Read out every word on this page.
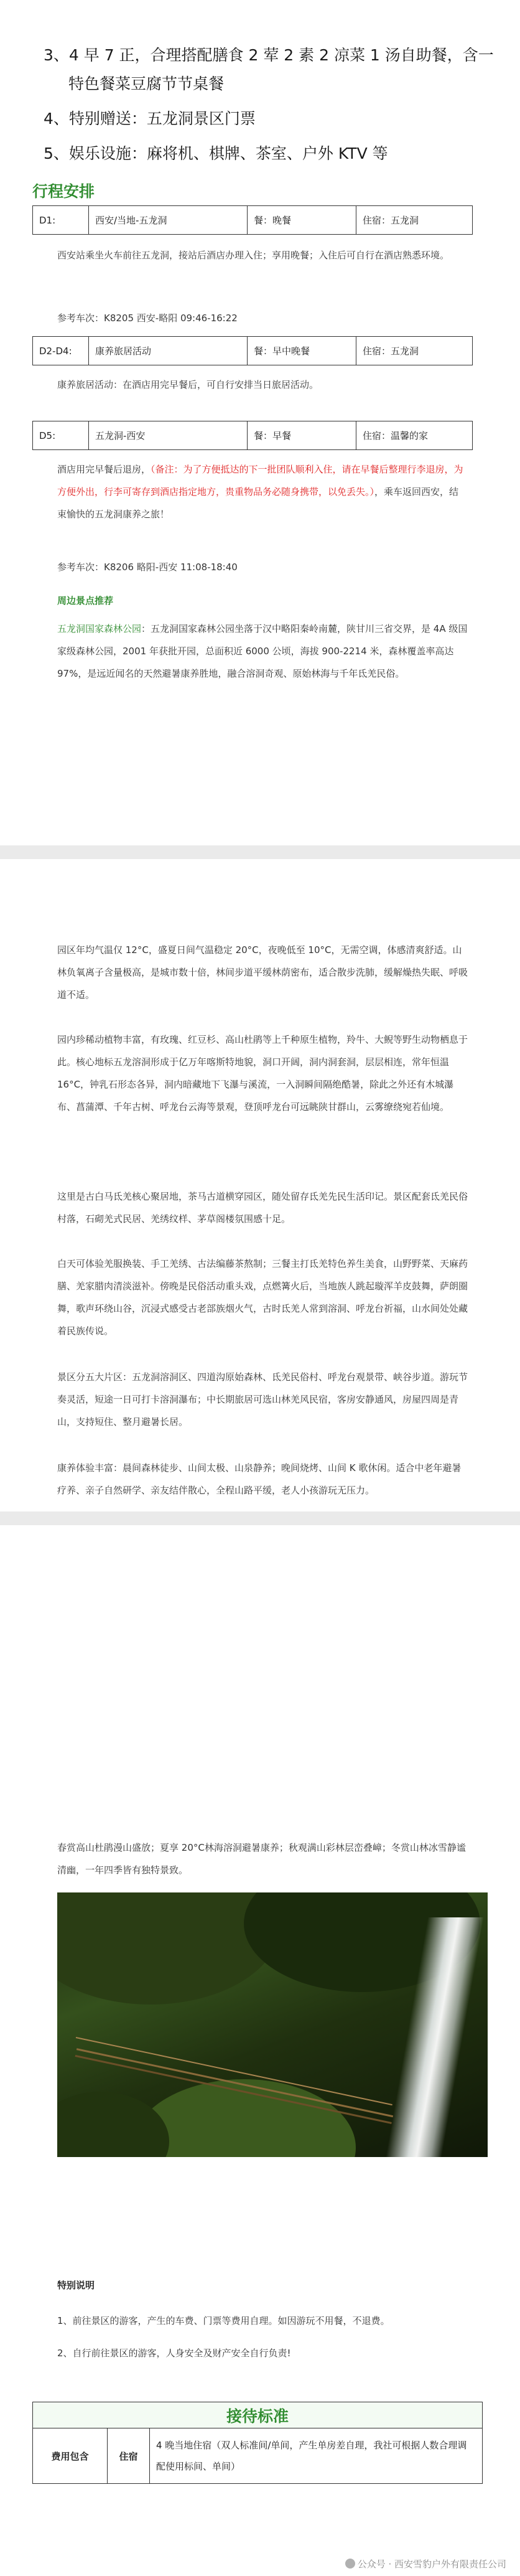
3、4 早 7 正，合理搭配膳食 2 荤 2 素 2 凉菜 1 汤自助餐，含一
特色餐菜豆腐节节桌餐
4、特别赠送：五龙洞景区门票
5、娱乐设施：麻将机、棋牌、茶室、户外 KTV 等
行程安排
D1:	西安/当地-五龙洞	餐：晚餐	住宿：五龙洞
西安站乘坐火车前往五龙洞，接站后酒店办理入住；享用晚餐；入住后可自行在酒店熟悉环境。
参考车次：K8205 西安-略阳 09:46-16:22
D2-D4:	康养旅居活动	餐：早中晚餐	住宿：五龙洞
康养旅居活动：在酒店用完早餐后，可自行安排当日旅居活动。
D5:	五龙洞-西安	餐：早餐	住宿：温馨的家
酒店用完早餐后退房，（备注：为了方便抵达的下一批团队顺利入住，请在早餐后整理行李退房，为方便外出，行李可寄存到酒店指定地方，贵重物品务必随身携带，以免丢失。），乘车返回西安，结束愉快的五龙洞康养之旅！
参考车次：K8206 略阳-西安 11:08-18:40
周边景点推荐
五龙洞国家森林公园：五龙洞国家森林公园坐落于汉中略阳秦岭南麓，陕甘川三省交界，是 4A 级国家级森林公园，2001 年获批开园，总面积近 6000 公顷，海拔 900-2214 米，森林覆盖率高达 97%，是远近闻名的天然避暑康养胜地，融合溶洞奇观、原始林海与千年氐羌民俗。
园区年均气温仅 12°C，盛夏日间气温稳定 20°C，夜晚低至 10°C，无需空调，体感清爽舒适。山林负氧离子含量极高，是城市数十倍，林间步道平缓林荫密布，适合散步洗肺，缓解燥热失眠、呼吸道不适。
园内珍稀动植物丰富，有玫瑰、红豆杉、高山杜鹃等上千种原生植物，羚牛、大鲵等野生动物栖息于此。核心地标五龙溶洞形成于亿万年喀斯特地貌，洞口开阔，洞内洞套洞，层层相连，常年恒温 16°C，钟乳石形态各异，洞内暗藏地下飞瀑与溪流，一入洞瞬间隔绝酷暑，除此之外还有木城瀑布、菖蒲潭、千年古树、呼龙台云海等景观，登顶呼龙台可远眺陕甘群山，云雾缭绕宛若仙境。
这里是古白马氐羌核心聚居地，茶马古道横穿园区，随处留存氐羌先民生活印记。景区配套氐羌民俗村落，石砌羌式民居、羌绣纹样、茅草阁楼氛围感十足。
白天可体验羌服换装、手工羌绣、古法编藤茶熬制；三餐主打氐羌特色养生美食，山野野菜、天麻药膳、羌家腊肉清淡滋补。傍晚是民俗活动重头戏，点燃篝火后，当地族人跳起璇浑羊皮鼓舞，萨朗圈舞，歌声环绕山谷，沉浸式感受古老部族烟火气，古时氐羌人常到溶洞、呼龙台祈福，山水间处处藏着民族传说。
景区分五大片区：五龙洞溶洞区、四道沟原始森林、氐羌民俗村、呼龙台观景带、峡谷步道。游玩节奏灵活，短途一日可打卡溶洞瀑布；中长期旅居可选山林羌风民宿，客房安静通风，房屋四周是青山，支持短住、整月避暑长居。
康养体验丰富：晨间森林徒步、山间太极、山泉静养；晚间烧烤、山间 K 歌休闲。适合中老年避暑疗养、亲子自然研学、亲友结伴散心，全程山路平缓，老人小孩游玩无压力。
春赏高山杜鹃漫山盛放；夏享 20°C林海溶洞避暑康养；秋观满山彩林层峦叠嶂；冬赏山林冰雪静谧清幽，一年四季皆有独特景致。
特别说明
1、前往景区的游客，产生的车费、门票等费用自理。如因游玩不用餐，不退费。
2、自行前往景区的游客，人身安全及财产安全自行负责!
接待标准
费用包含	住宿	4 晚当地住宿（双人标准间/单间，产生单房差自理，我社可根据人数合理调配使用标间、单间）
公众号 · 西安雪豹户外有限责任公司
